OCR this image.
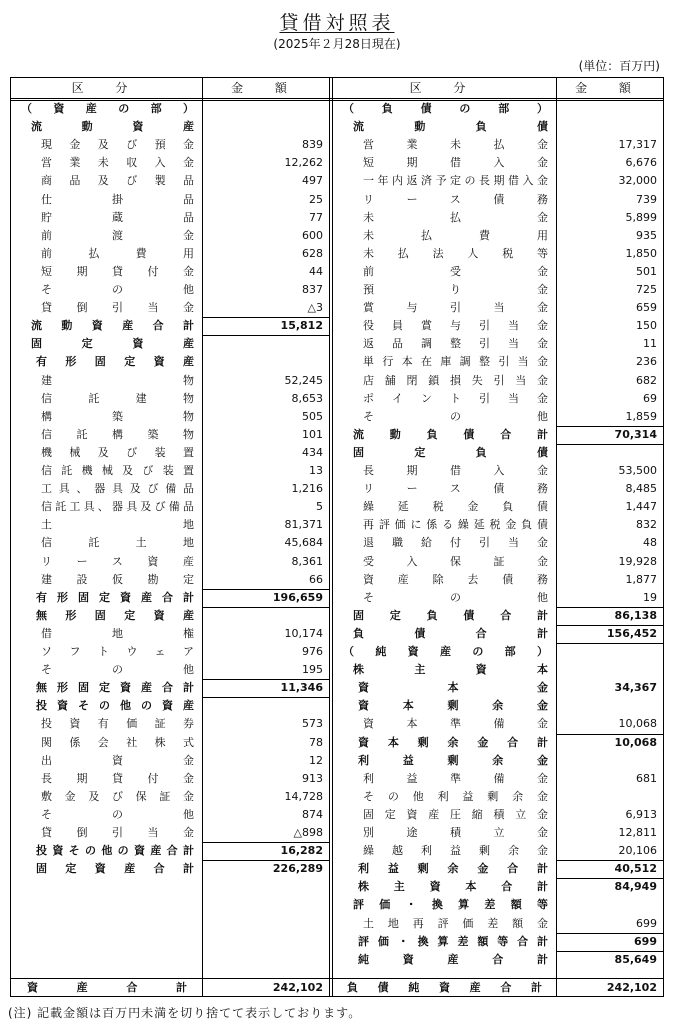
貸借対照表
(2025年２月28日現在)
(単位：百万円)
区 分	金 額	区 分	金 額
（ 資 産 の 部 ）
流 動 資 産
現金及び預金	839
営業未収入金	12,262
商品及び製品	497
仕掛品	25
貯蔵品	77
前渡金	600
前払費用	628
短期貸付金	44
その他	837
貸倒引当金	△3
流動資産合計	15,812
固 定 資 産
有形固定資産
建物	52,245
信託建物	8,653
構築物	505
信託構築物	101
機械及び装置	434
信託機械及び装置	13
工具、器具及び備品	1,216
信託工具、器具及び備品	5
土地	81,371
信託土地	45,684
リース資産	8,361
建設仮勘定	66
有形固定資産合計	196,659
無 形 固 定 資 産
借地権	10,174
ソフトウェア	976
その他	195
無形固定資産合計	11,346
投資その他の資産
投資有価証券	573
関係会社株式	78
出資金	12
長期貸付金	913
敷金及び保証金	14,728
その他	874
貸倒引当金	△898
投資その他の資産合計	16,282
固定資産合計	226,289
（ 負 債 の 部 ）
流 動 負 債
営業未払金	17,317
短期借入金	6,676
一年内返済予定の長期借入金	32,000
リース債務	739
未払金	5,899
未払費用	935
未払法人税等	1,850
前受金	501
預り金	725
賞与引当金	659
役員賞与引当金	150
返品調整引当金	11
単行本在庫調整引当金	236
店舗閉鎖損失引当金	682
ポイント引当金	69
その他	1,859
流動負債合計	70,314
固 定 負 債
長期借入金	53,500
リース債務	8,485
繰延税金負債	1,447
再評価に係る繰延税金負債	832
退職給付引当金	48
受入保証金	19,928
資産除去債務	1,877
その他	19
固定負債合計	86,138
負債合計	156,452
（ 純 資 産 の 部 ）
株 主 資 本
資本金	34,367
資本剰余金
資本準備金	10,068
資本剰余金合計	10,068
利益剰余金
利益準備金	681
その他利益剰余金
固定資産圧縮積立金	6,913
別途積立金	12,811
繰越利益剰余金	20,106
利益剰余金合計	40,512
株主資本合計	84,949
評価・換算差額等
土地再評価差額金	699
評価・換算差額等合計	699
純資産合計	85,649
資 産 合 計	242,102 負 債 純 資 産 合 計	242,102
(注) 記載金額は百万円未満を切り捨てて表示しております。
